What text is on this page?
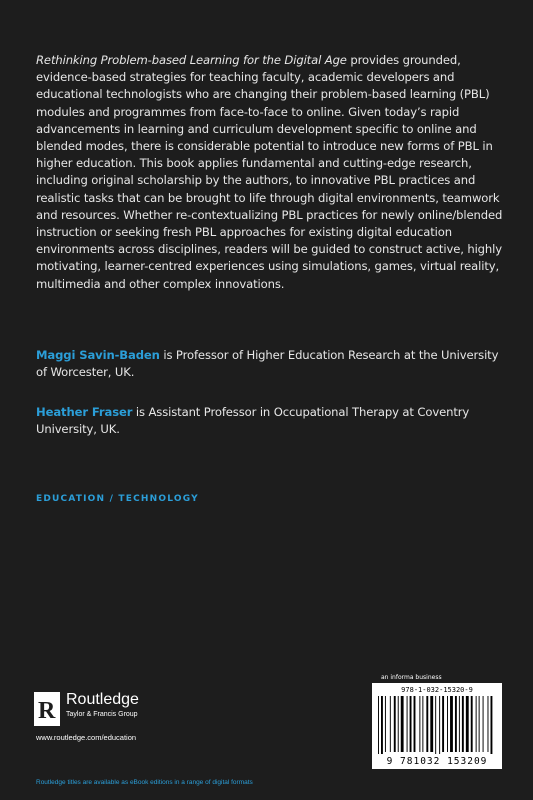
Rethinking Problem-based Learning for the Digital Age provides grounded, evidence-based strategies for teaching faculty, academic developers and educational technologists who are changing their problem-based learning (PBL) modules and programmes from face-to-face to online. Given today’s rapid advancements in learning and curriculum development specific to online and blended modes, there is considerable potential to introduce new forms of PBL in higher education. This book applies fundamental and cutting-edge research, including original scholarship by the authors, to innovative PBL practices and realistic tasks that can be brought to life through digital environments, teamwork and resources. Whether re-contextualizing PBL practices for newly online/blended instruction or seeking fresh PBL approaches for existing digital education environments across disciplines, readers will be guided to construct active, highly motivating, learner-centred experiences using simulations, games, virtual reality, multimedia and other complex innovations.
Maggi Savin-Baden is Professor of Higher Education Research at the University of Worcester, UK.
Heather Fraser is Assistant Professor in Occupational Therapy at Coventry University, UK.
EDUCATION / TECHNOLOGY
an informa business
978-1-032-15320-9
9 781032 153209
R Routledge
Taylor & Francis Group
www.routledge.com/education
Routledge titles are available as eBook editions in a range of digital formats
